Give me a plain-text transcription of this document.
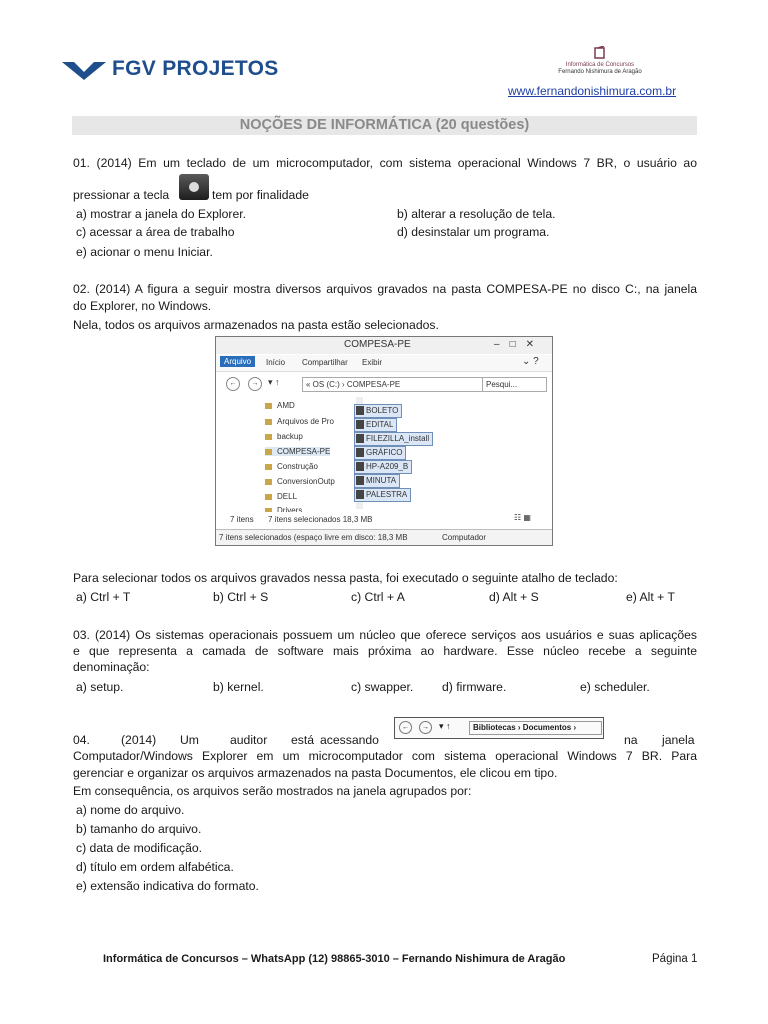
FGV PROJETOS	Informática de Concursos
Fernando Nishimura de Aragão
www.fernandonishimura.com.br
NOÇÕES DE INFORMÁTICA (20 questões)
01. (2014) Em um teclado de um microcomputador, com sistema operacional Windows 7 BR, o usuário ao
pressionar a tecla	tem por finalidade
a) mostrar a janela do Explorer.	b) alterar a resolução de tela.
c) acessar a área de trabalho	d) desinstalar um programa.
e) acionar o menu Iniciar.
02. (2014) A figura a seguir mostra diversos arquivos gravados na pasta COMPESA-PE no disco C:, na janela
do Explorer, no Windows.
Nela, todos os arquivos armazenados na pasta estão selecionados.
COMPESA-PE	–□✕
Arquivo	Início Compartilhar Exibir	⌄ ?
←	→	▾ ↑	« OS (C:) › COMPESA-PE	Pesqui...
AMD
Arquivos de Pro
backup
COMPESA-PE
Construção
ConversionOutp
DELL
Drivers
BOLETO
EDITAL
FILEZILLA_install
GRÁFICO
HP-A209_B
MINUTA
PALESTRA
7 itens 7 itens selecionados 18,3 MB	☷ ▦
7 itens selecionados (espaço livre em disco: 18,3 MB	Computador
Para selecionar todos os arquivos gravados nessa pasta, foi executado o seguinte atalho de teclado:
a) Ctrl + T	b) Ctrl + S	c) Ctrl + A	d) Alt + S	e) Alt + T
03. (2014) Os sistemas operacionais possuem um núcleo que oferece serviços aos usuários e suas aplicações
e que representa a camada de software mais próxima ao hardware. Esse núcleo recebe a seguinte
denominação:
a) setup.	b) kernel.	c) swapper. d) firmware.	e) scheduler.
04.	(2014) Um	auditor está acessando
←	→	▾ ↑	Bibliotecas › Documentos ›
na janela
Computador/Windows Explorer em um microcomputador com sistema operacional Windows 7 BR. Para
gerenciar e organizar os arquivos armazenados na pasta Documentos, ele clicou em tipo.
Em consequência, os arquivos serão mostrados na janela agrupados por:
a) nome do arquivo.
b) tamanho do arquivo.
c) data de modificação.
d) título em ordem alfabética.
e) extensão indicativa do formato.
Informática de Concursos – WhatsApp (12) 98865-3010 – Fernando Nishimura de Aragão	Página 1
